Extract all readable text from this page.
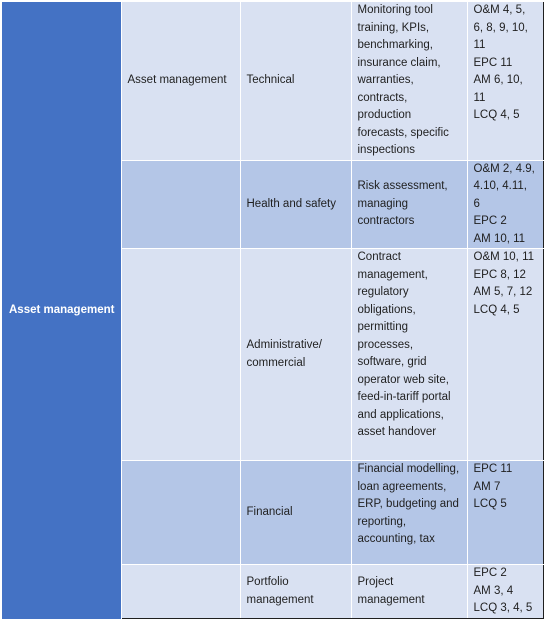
Asset management	Asset management	Technical	Monitoring tool training, KPIs, benchmarking, insurance claim, warranties, contracts, production forecasts, specific inspections	O&M 4, 5, 6, 8, 9, 10, 11
EPC 11
AM 6, 10, 11
LCQ 4, 5

		Health and safety	Risk assessment, managing contractors	O&M 2, 4.9, 4.10, 4.11, 6
EPC 2
AM 10, 11

		Administrative/ commercial	Contract management, regulatory obligations, permitting processes, software, grid operator web site, feed-in-tariff portal and applications, asset handover	O&M 10, 11
EPC 8, 12
AM 5, 7, 12
LCQ 4, 5

		Financial	Financial modelling, loan agreements, ERP, budgeting and reporting, accounting, tax	EPC 11
AM 7
LCQ 5

		Portfolio management	Project management	EPC 2
AM 3, 4
LCQ 3, 4, 5
